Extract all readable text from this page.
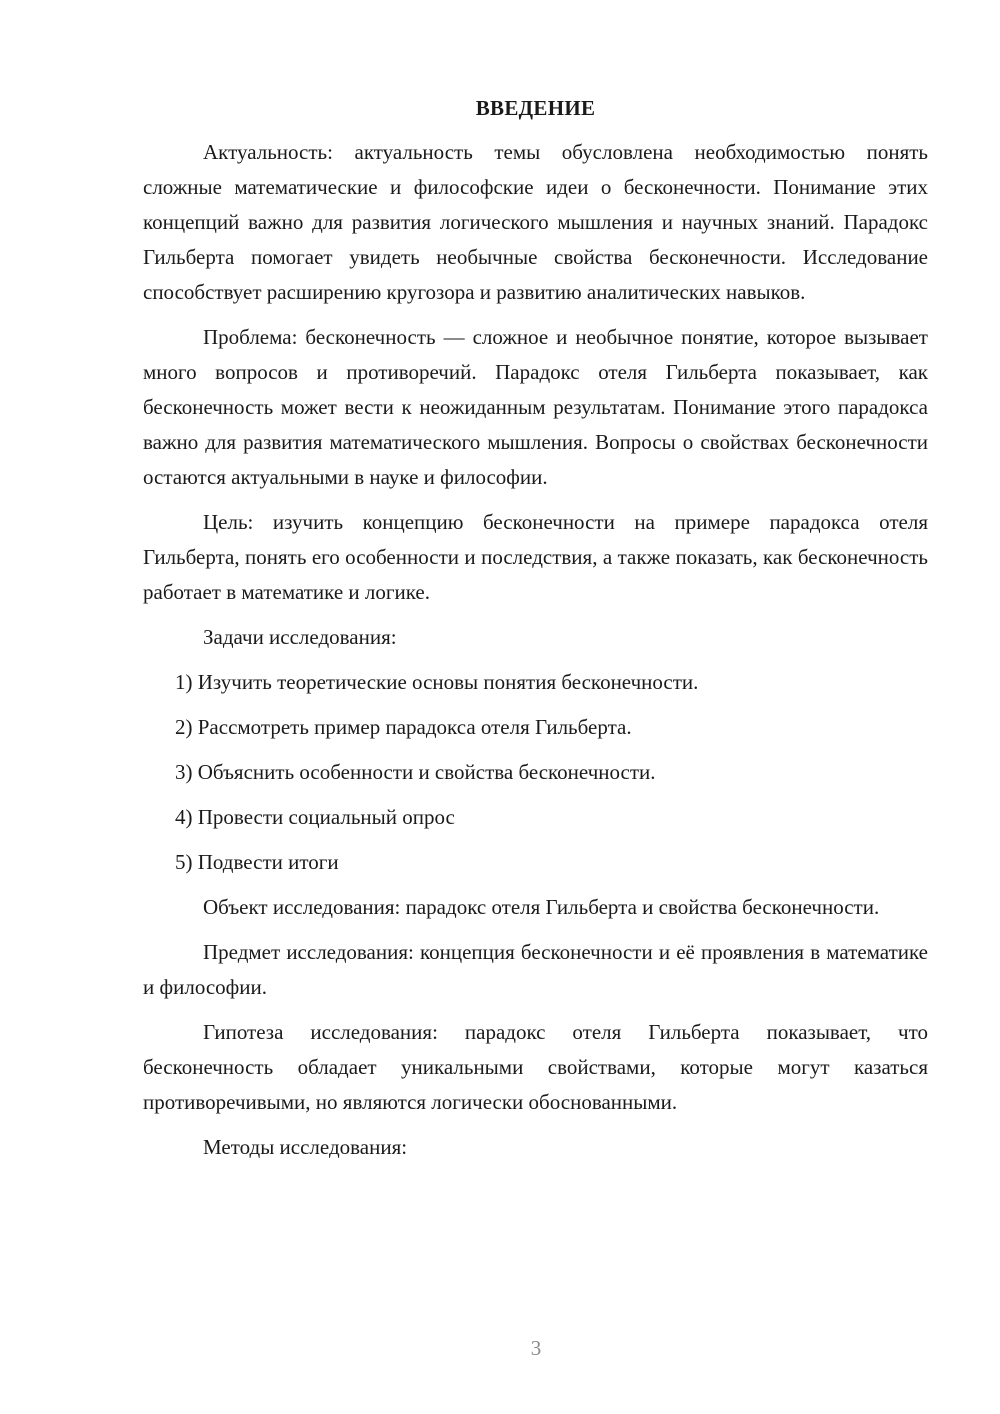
ВВЕДЕНИЕ

Актуальность: актуальность темы обусловлена необходимостью понять сложные математические и философские идеи о бесконечности. Понимание этих концепций важно для развития логического мышления и научных знаний. Парадокс Гильберта помогает увидеть необычные свойства бесконечности. Исследование способствует расширению кругозора и развитию аналитических навыков.

Проблема: бесконечность — сложное и необычное понятие, которое вызывает много вопросов и противоречий. Парадокс отеля Гильберта показывает, как бесконечность может вести к неожиданным результатам. Понимание этого парадокса важно для развития математического мышления. Вопросы о свойствах бесконечности остаются актуальными в науке и философии.

Цель: изучить концепцию бесконечности на примере парадокса отеля Гильберта, понять его особенности и последствия, а также показать, как бесконечность работает в математике и логике.

Задачи исследования:

1) Изучить теоретические основы понятия бесконечности.
2) Рассмотреть пример парадокса отеля Гильберта.
3) Объяснить особенности и свойства бесконечности.
4) Провести социальный опрос
5) Подвести итоги

Объект исследования: парадокс отеля Гильберта и свойства бесконечности.

Предмет исследования: концепция бесконечности и её проявления в математике и философии.

Гипотеза исследования: парадокс отеля Гильберта показывает, что бесконечность обладает уникальными свойствами, которые могут казаться противоречивыми, но являются логически обоснованными.

Методы исследования:

3
